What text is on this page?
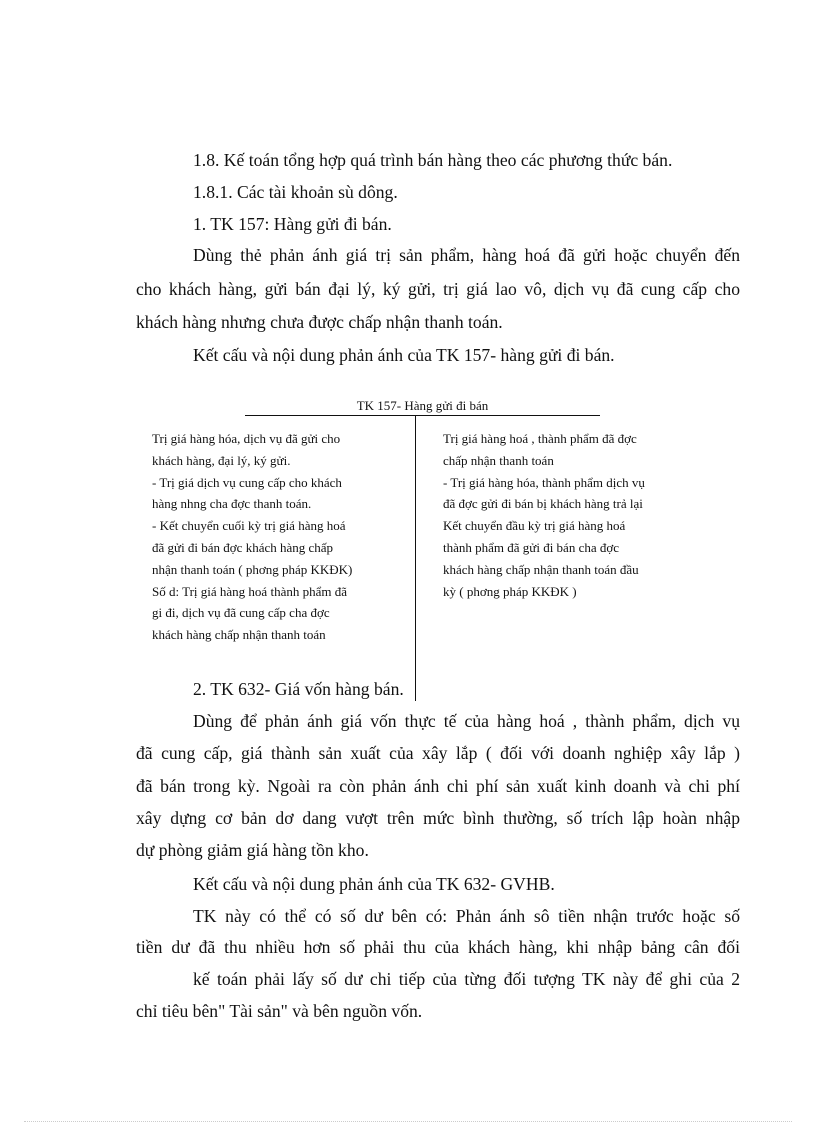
1.8. Kế toán tổng hợp quá trình bán hàng theo các phương thức bán.
1.8.1. Các tài khoản sù dông.
1. TK 157: Hàng gửi đi bán.
Dùng thẻ phản ánh giá trị sản phẩm, hàng hoá đã gửi hoặc chuyển đến
cho khách hàng, gửi bán đại lý, ký gửi, trị giá lao vô, dịch vụ đã cung cấp cho
khách hàng nhưng chưa được chấp nhận thanh toán.
Kết cấu và nội dung phản ánh của TK 157- hàng gửi đi bán.
TK 157- Hàng gửi đi bán
Trị giá hàng hóa, dịch vụ đã gửi cho
khách hàng, đại lý, ký gửi.
- Trị giá dịch vụ cung cấp cho khách
hàng nhng cha đợc thanh toán.
- Kết chuyển cuối kỳ trị giá hàng hoá
đã gửi đi bán đợc khách hàng chấp
nhận thanh toán ( phơng pháp KKĐK)
Số d: Trị giá hàng hoá thành phẩm đã
gi đi, dịch vụ đã cung cấp cha đợc
khách hàng chấp nhận thanh toán
Trị giá hàng hoá , thành phẩm đã đợc
chấp nhận thanh toán
- Trị giá hàng hóa, thành phẩm dịch vụ
đã đợc gửi đi bán bị khách hàng trả lại
Kết chuyển đầu kỳ trị giá hàng hoá
thành phẩm đã gửi đi bán cha đợc
khách hàng chấp nhận thanh toán đầu
kỳ ( phơng pháp KKĐK )
2. TK 632- Giá vốn hàng bán.
Dùng để phản ánh giá vốn thực tế của hàng hoá , thành phẩm, dịch vụ
đã cung cấp, giá thành sản xuất của xây lắp ( đối với doanh nghiệp xây lắp )
đã bán trong kỳ. Ngoài ra còn phản ánh chi phí sản xuất kinh doanh và chi phí
xây dựng cơ bản dơ dang vượt trên mức bình thường, số trích lập hoàn nhập
dự phòng giảm giá hàng tồn kho.
Kết cấu và nội dung phản ánh của TK 632- GVHB.
TK này có thể có số dư bên có: Phản ánh sô tiền nhận trước hoặc số
tiền dư đã thu nhiều hơn số phải thu của khách hàng, khi nhập bảng cân đối
kế toán phải lấy số dư chi tiếp của từng đối tượng TK này để ghi của 2
chỉ tiêu bên" Tài sản" và bên nguồn vốn.
